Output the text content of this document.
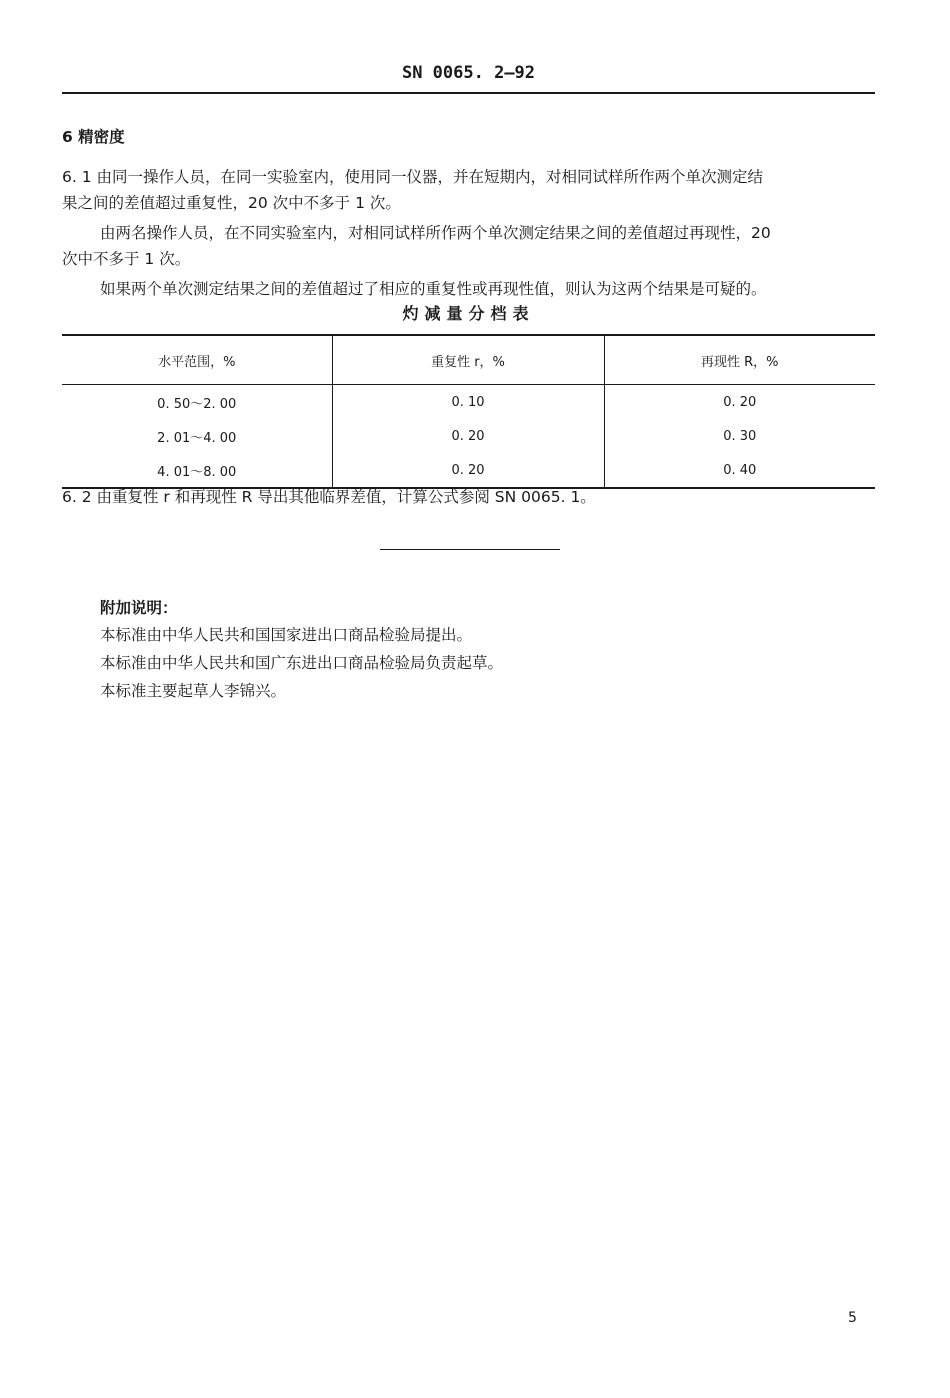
SN 0065. 2—92
6 精密度
6. 1 由同一操作人员，在同一实验室内，使用同一仪器，并在短期内，对相同试样所作两个单次测定结
果之间的差值超过重复性，20 次中不多于 1 次。
由两名操作人员，在不同实验室内，对相同试样所作两个单次测定结果之间的差值超过再现性，20
次中不多于 1 次。
如果两个单次测定结果之间的差值超过了相应的重复性或再现性值，则认为这两个结果是可疑的。
灼减量分档表
水平范围，%	重复性 r，%	再现性 R，%
0. 50～2. 00	0. 10	0. 20
2. 01～4. 00	0. 20	0. 30
4. 01～8. 00	0. 20	0. 40
6. 2 由重复性 r 和再现性 R 导出其他临界差值，计算公式参阅 SN 0065. 1。
附加说明：
本标准由中华人民共和国国家进出口商品检验局提出。
本标准由中华人民共和国广东进出口商品检验局负责起草。
本标准主要起草人李锦兴。
5
